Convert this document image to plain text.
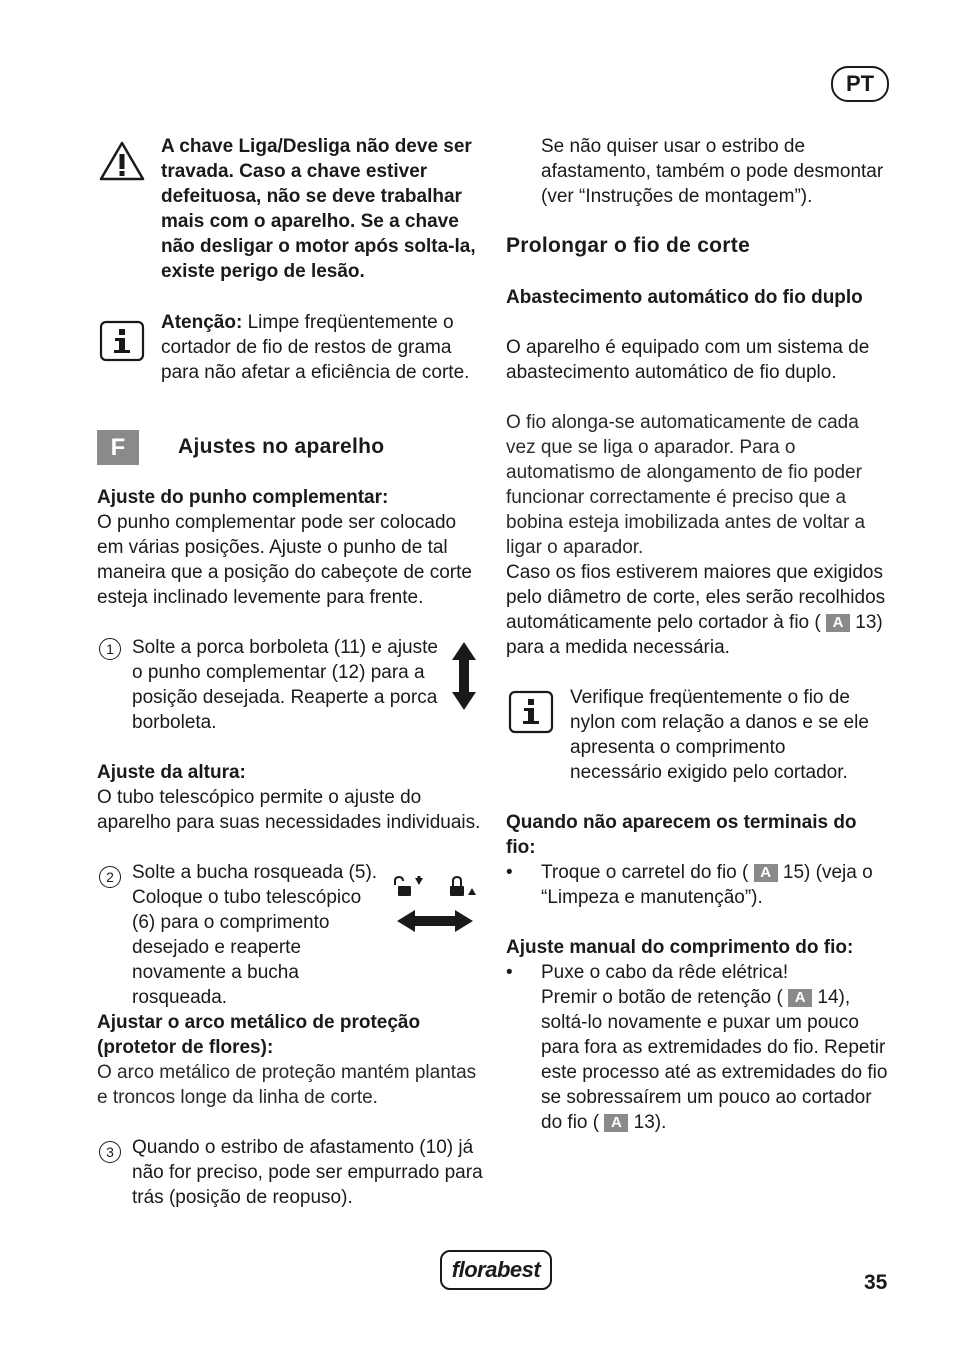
PT

A chave Liga/Desliga não deve ser travada. Caso a chave estiver defeituosa, não se deve trabalhar mais com o aparelho. Se a chave não desligar o motor após solta-la, existe perigo de lesão.

Atenção: Limpe freqüentemente o cortador de fio de restos de grama para não afetar a eficiência de corte.

F	Ajustes no aparelho

Ajuste do punho complementar:

O punho complementar pode ser colocado em várias posições. Ajuste o punho de tal maneira que a posição do cabeçote de corte esteja inclinado levemente para frente.

1 Solte a porca borboleta (11) e ajuste o punho complementar (12) para a posição desejada. Reaperte a porca borboleta.

Ajuste da altura:

O tubo telescópico permite o ajuste do aparelho para suas necessidades individuais.

2 Solte a bucha rosqueada (5). Coloque o tubo telescópico (6) para o comprimento desejado e reaperte novamente a bucha rosqueada.

Ajustar o arco metálico de proteção (protetor de flores):

O arco metálico de proteção mantém plantas e troncos longe da linha de corte.

3 Quando o estribo de afastamento (10) já não for preciso, pode ser empurrado para trás (posição de reopuso).

Se não quiser usar o estribo de afastamento, também o pode desmontar (ver “Instruções de montagem”).

Prolongar o fio de corte

Abastecimento automático do fio duplo

O aparelho é equipado com um sistema de abastecimento automático de fio duplo.

O fio alonga-se automaticamente de cada vez que se liga o aparador. Para o automatismo de alongamento de fio poder funcionar correctamente é preciso que a bobina esteja imobilizada antes de voltar a ligar o aparador.

Caso os fios estiverem maiores que exigidos pelo diâmetro de corte, eles serão recolhidos automáticamente pelo cortador à fio ( A 13) para a medida necessária.

Verifique freqüentemente o fio de nylon com relação a danos e se ele apresenta o comprimento necessário exigido pelo cortador.

Quando não aparecem os terminais do fio:

•	Troque o carretel do fio ( A 15) (veja o “Limpeza e manutenção”).

Ajuste manual do comprimento do fio:

•	Puxe o cabo da rêde elétrica!
Premir o botão de retenção ( A 14), soltá-lo novamente e puxar um pouco para fora as extremidades do fio. Repetir este processo até as extremidades do fio se sobressaírem um pouco ao cortador do fio ( A 13).

florabest
35
